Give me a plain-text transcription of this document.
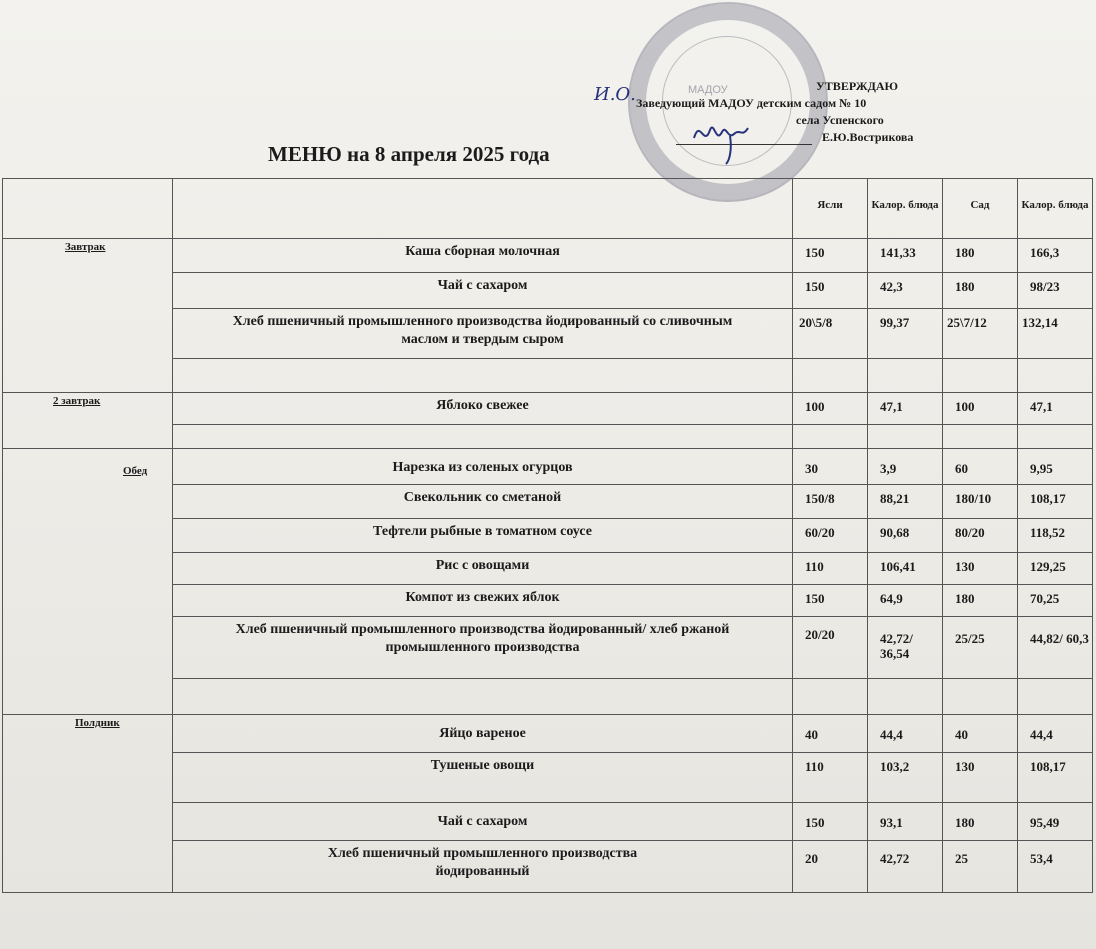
МАДОУ
И.О.	УТВЕРЖДАЮ
Заведующий МАДОУ детским садом № 10
села Успенского
Е.Ю.Вострикова
МЕНЮ на 8 апреля 2025 года
		Ясли	Калор. блюда	Сад	Калор. блюда

Завтрак	Каша сборная молочная	150	141,33	180	166,3
	Чай с сахаром	150	42,3	180	98/23
	Хлеб пшеничный промышленного производства йодированный со сливочным маслом и твердым сыром	20\5/8	99,37	25\7/12	132,14

2 завтрак	Яблоко свежее	100	47,1	100	47,1

Обед	Нарезка из соленых огурцов	30	3,9	60	9,95
	Свекольник со сметаной	150/8	88,21	180/10	108,17
	Тефтели рыбные в томатном соусе	60/20	90,68	80/20	118,52
	Рис с овощами	110	106,41	130	129,25
	Компот из свежих яблок	150	64,9	180	70,25
	Хлеб пшеничный промышленного производства йодированный/ хлеб ржаной промышленного производства	20/20	42,72/ 36,54	25/25	44,82/ 60,3

Полдник	Яйцо вареное	40	44,4	40	44,4
	Тушеные овощи	110	103,2	130	108,17
	Чай с сахаром	150	93,1	180	95,49
	Хлеб пшеничный промышленного производства йодированный	20	42,72	25	53,4
